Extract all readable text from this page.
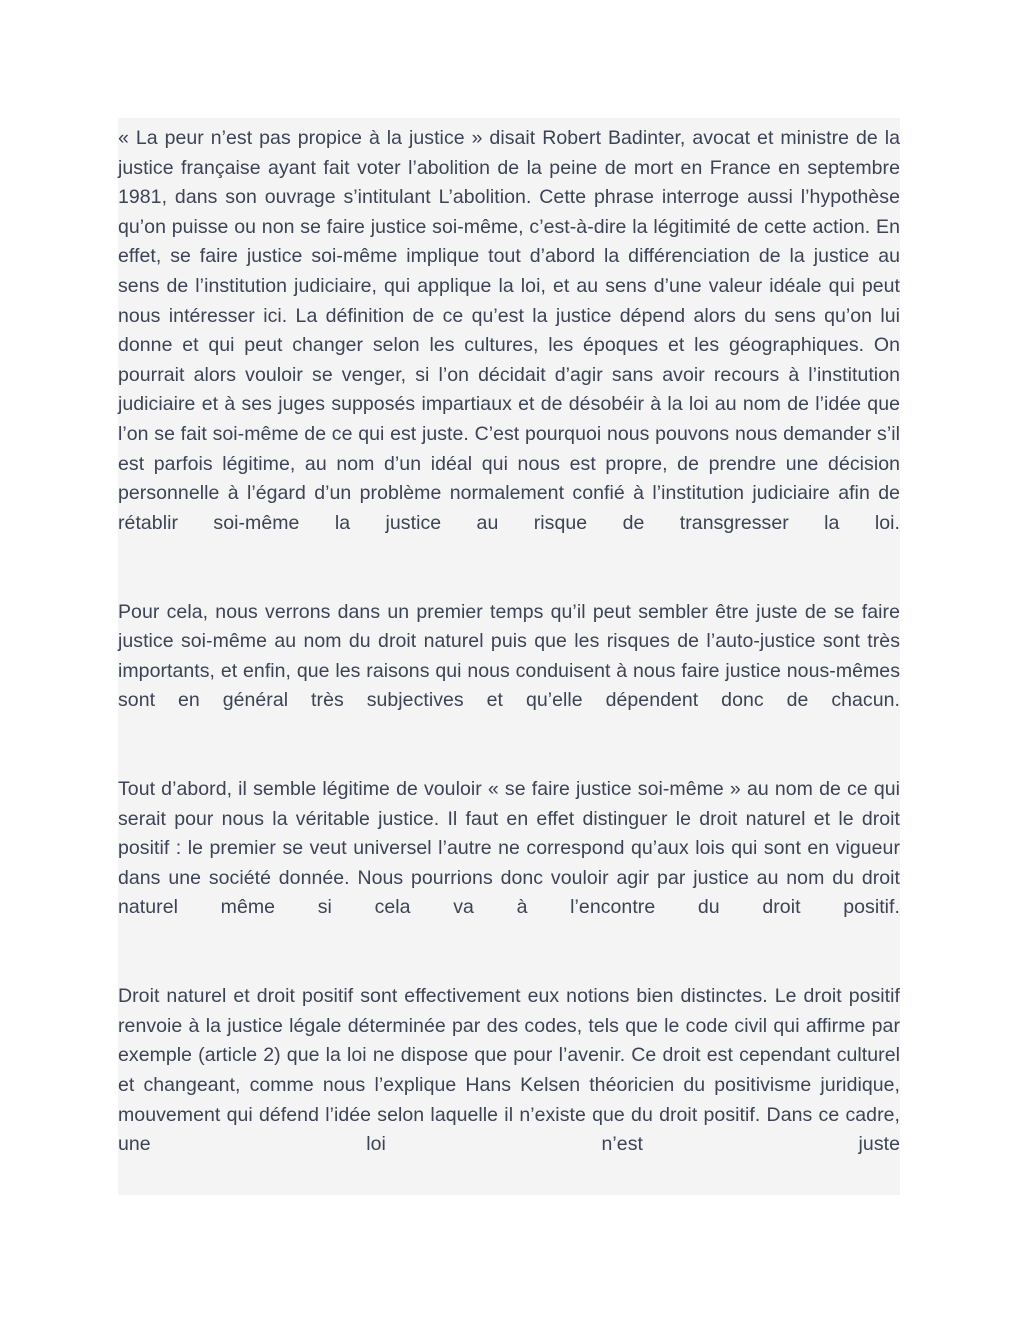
« La peur n’est pas propice à la justice » disait Robert Badinter, avocat et ministre de la justice française ayant fait voter l’abolition de la peine de mort en France en septembre 1981, dans son ouvrage s’intitulant L’abolition. Cette phrase interroge aussi l’hypothèse qu’on puisse ou non se faire justice soi-même, c’est-à-dire la légitimité de cette action. En effet, se faire justice soi-même implique tout d’abord la différenciation de la justice au sens de l’institution judiciaire, qui applique la loi, et au sens d’une valeur idéale qui peut nous intéresser ici. La définition de ce qu’est la justice dépend alors du sens qu’on lui donne et qui peut changer selon les cultures, les époques et les géographiques. On pourrait alors vouloir se venger, si l’on décidait d’agir sans avoir recours à l’institution judiciaire et à ses juges supposés impartiaux et de désobéir à la loi au nom de l’idée que l’on se fait soi-même de ce qui est juste. C’est pourquoi nous pouvons nous demander s’il est parfois légitime, au nom d’un idéal qui nous est propre, de prendre une décision personnelle à l’égard d’un problème normalement confié à l’institution judiciaire afin de rétablir soi-même la justice au risque de transgresser la loi.

Pour cela, nous verrons dans un premier temps qu’il peut sembler être juste de se faire justice soi-même au nom du droit naturel puis que les risques de l’auto-justice sont très importants, et enfin, que les raisons qui nous conduisent à nous faire justice nous-mêmes sont en général très subjectives et qu’elle dépendent donc de chacun.

Tout d’abord, il semble légitime de vouloir « se faire justice soi-même » au nom de ce qui serait pour nous la véritable justice. Il faut en effet distinguer le droit naturel et le droit positif : le premier se veut universel l’autre ne correspond qu’aux lois qui sont en vigueur dans une société donnée. Nous pourrions donc vouloir agir par justice au nom du droit naturel même si cela va à l’encontre du droit positif.

Droit naturel et droit positif sont effectivement eux notions bien distinctes. Le droit positif renvoie à la justice légale déterminée par des codes, tels que le code civil qui affirme par exemple (article 2) que la loi ne dispose que pour l’avenir. Ce droit est cependant culturel et changeant, comme nous l’explique Hans Kelsen théoricien du positivisme juridique, mouvement qui défend l’idée selon laquelle il n’existe que du droit positif. Dans ce cadre, une loi n’est juste
